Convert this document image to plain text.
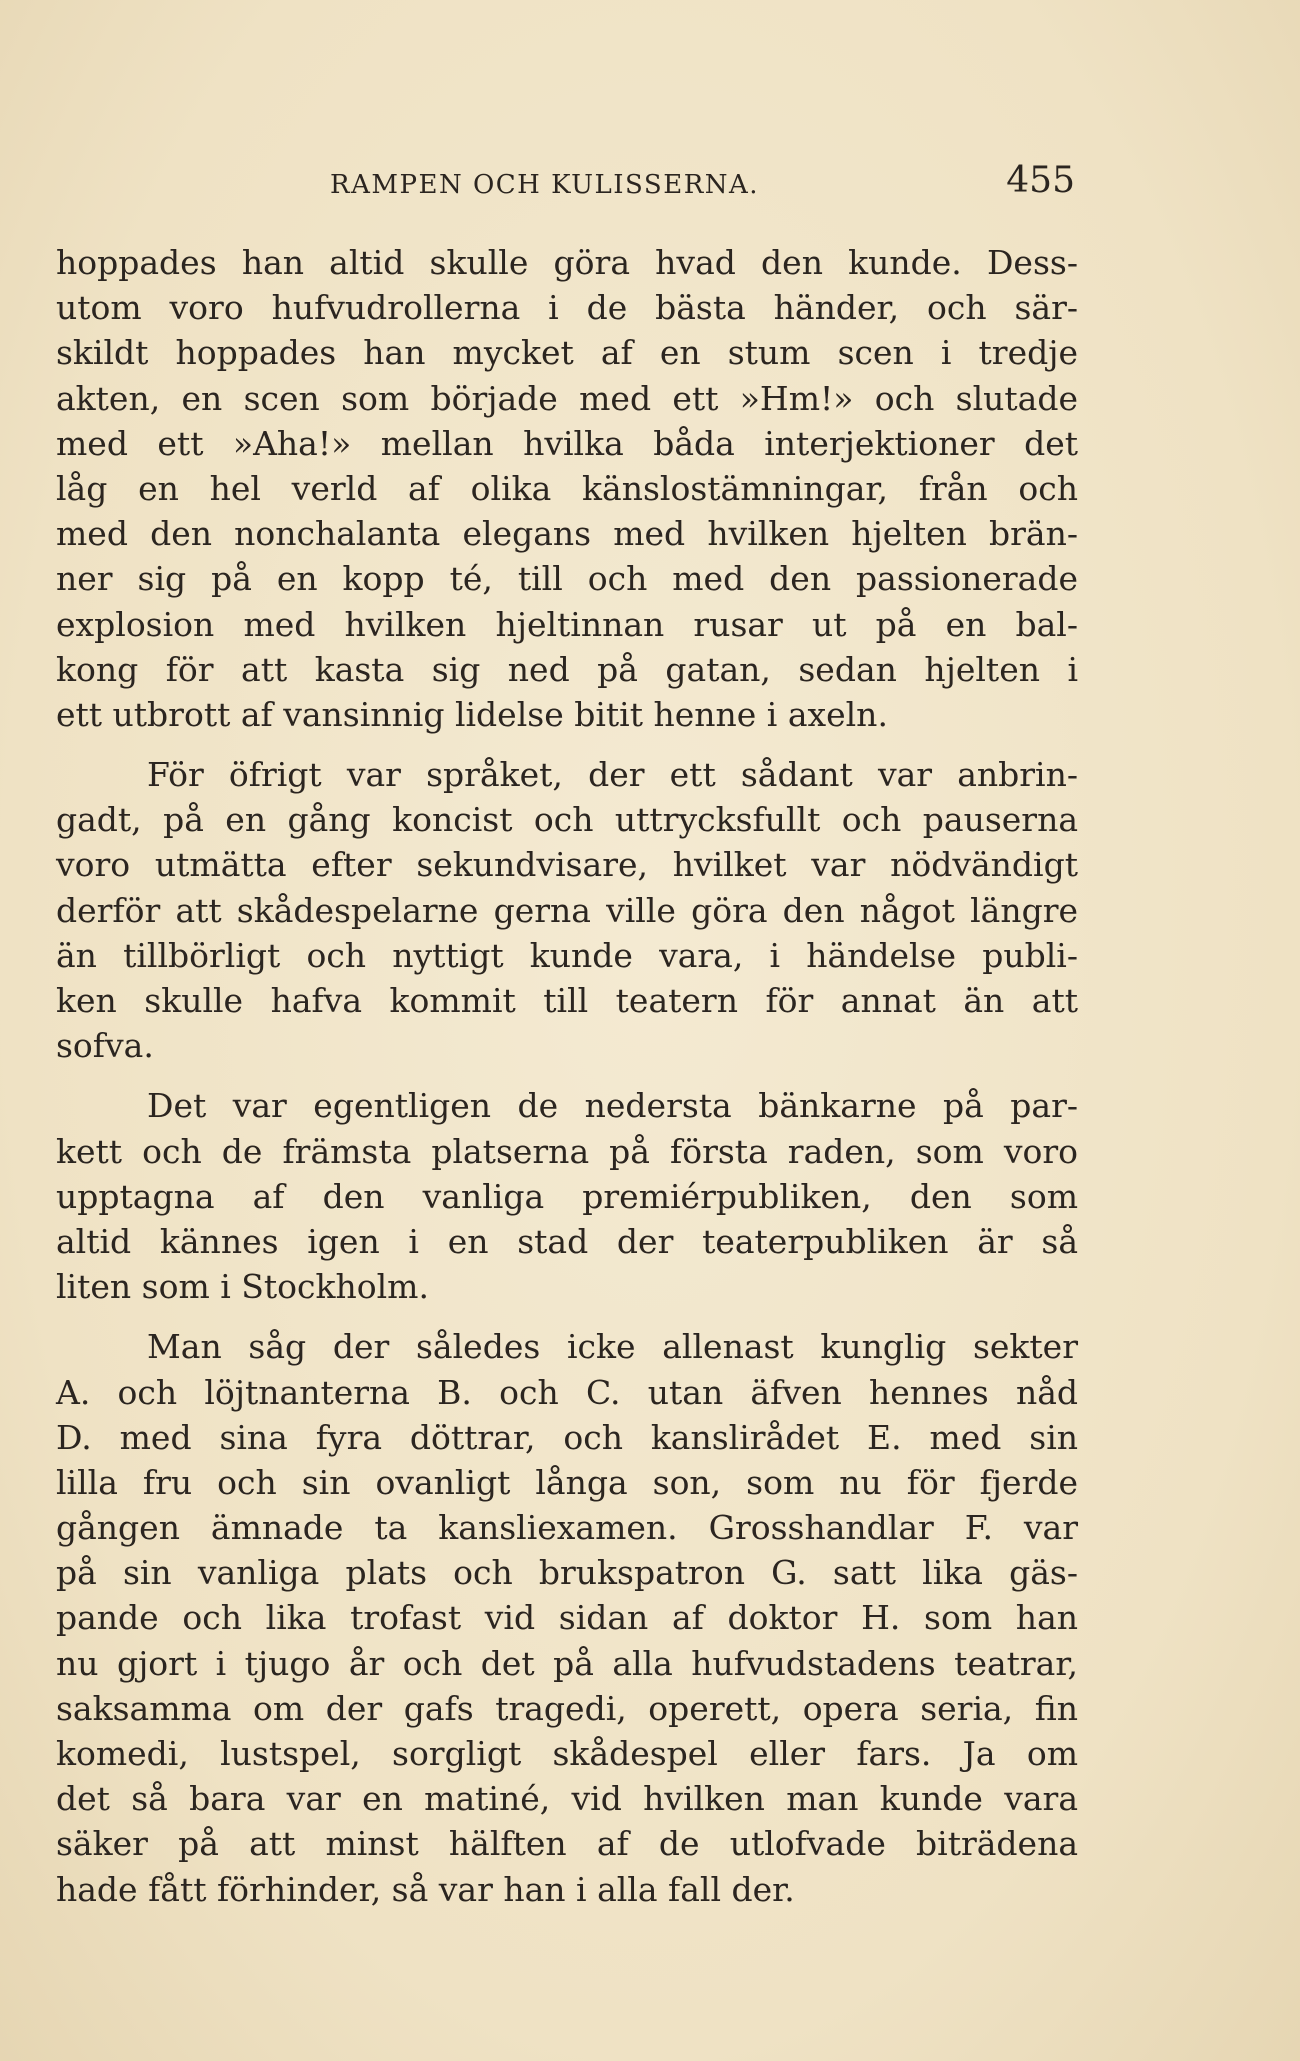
RAMPEN OCH KULISSERNA.	455
hoppades han altid skulle göra hvad den kunde. Dess-
utom voro hufvudrollerna i de bästa händer, och sär-
skildt hoppades han mycket af en stum scen i tredje
akten, en scen som började med ett »Hm!» och slutade
med ett »Aha!» mellan hvilka båda interjektioner det
låg en hel verld af olika känslostämningar, från och
med den nonchalanta elegans med hvilken hjelten brän-
ner sig på en kopp té, till och med den passionerade
explosion med hvilken hjeltinnan rusar ut på en bal-
kong för att kasta sig ned på gatan, sedan hjelten i
ett utbrott af vansinnig lidelse bitit henne i axeln.
För öfrigt var språket, der ett sådant var anbrin-
gadt, på en gång koncist och uttrycksfullt och pauserna
voro utmätta efter sekundvisare, hvilket var nödvändigt
derför att skådespelarne gerna ville göra den något längre
än tillbörligt och nyttigt kunde vara, i händelse publi-
ken skulle hafva kommit till teatern för annat än att
sofva.
Det var egentligen de nedersta bänkarne på par-
kett och de främsta platserna på första raden, som voro
upptagna af den vanliga premiérpubliken, den som
altid kännes igen i en stad der teaterpubliken är så
liten som i Stockholm.
Man såg der således icke allenast kunglig sekter
A. och löjtnanterna B. och C. utan äfven hennes nåd
D. med sina fyra döttrar, och kanslirådet E. med sin
lilla fru och sin ovanligt långa son, som nu för fjerde
gången ämnade ta kansliexamen. Grosshandlar F. var
på sin vanliga plats och brukspatron G. satt lika gäs-
pande och lika trofast vid sidan af doktor H. som han
nu gjort i tjugo år och det på alla hufvudstadens teatrar,
saksamma om der gafs tragedi, operett, opera seria, fin
komedi, lustspel, sorgligt skådespel eller fars. Ja om
det så bara var en matiné, vid hvilken man kunde vara
säker på att minst hälften af de utlofvade biträdena
hade fått förhinder, så var han i alla fall der.
